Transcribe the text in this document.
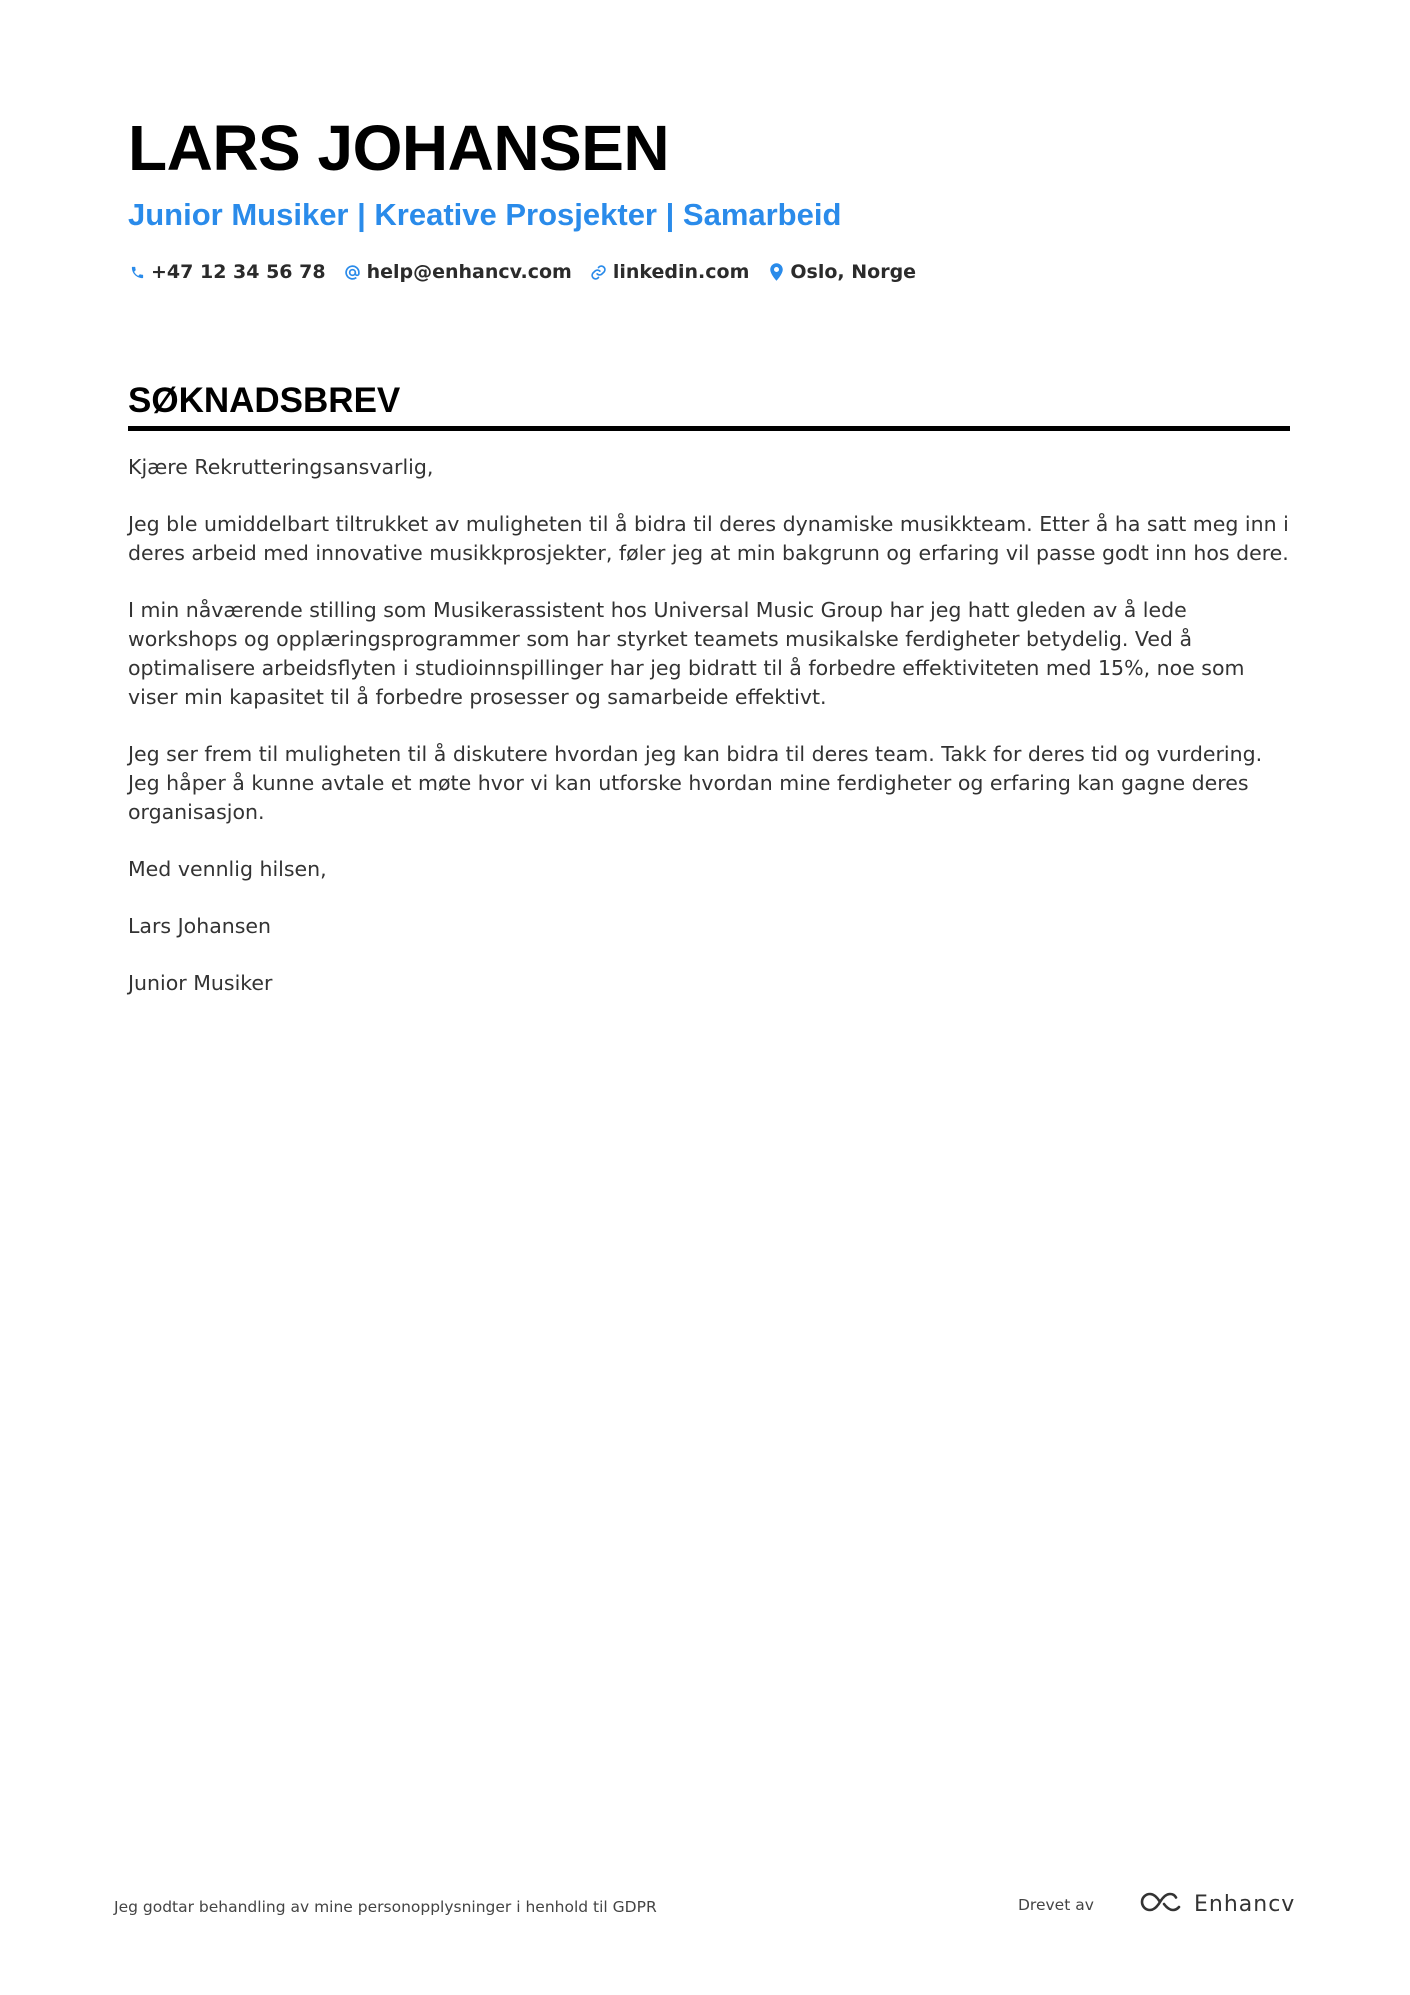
LARS JOHANSEN
Junior Musiker | Kreative Prosjekter | Samarbeid
+47 12 34 56 78 help@enhancv.com linkedin.com Oslo, Norge
SØKNADSBREV

Kjære Rekrutteringsansvarlig,

Jeg ble umiddelbart tiltrukket av muligheten til å bidra til deres dynamiske musikkteam. Etter å ha satt meg inn i deres arbeid med innovative musikkprosjekter, føler jeg at min bakgrunn og erfaring vil passe godt inn hos dere.

I min nåværende stilling som Musikerassistent hos Universal Music Group har jeg hatt gleden av å lede workshops og opplæringsprogrammer som har styrket teamets musikalske ferdigheter betydelig. Ved å optimalisere arbeidsflyten i studioinnspillinger har jeg bidratt til å forbedre effektiviteten med 15%, noe som viser min kapasitet til å forbedre prosesser og samarbeide effektivt.

Jeg ser frem til muligheten til å diskutere hvordan jeg kan bidra til deres team. Takk for deres tid og vurdering. Jeg håper å kunne avtale et møte hvor vi kan utforske hvordan mine ferdigheter og erfaring kan gagne deres organisasjon.

Med vennlig hilsen,

Lars Johansen

Junior Musiker

Jeg godtar behandling av mine personopplysninger i henhold til GDPR	Drevet av	Enhancv
